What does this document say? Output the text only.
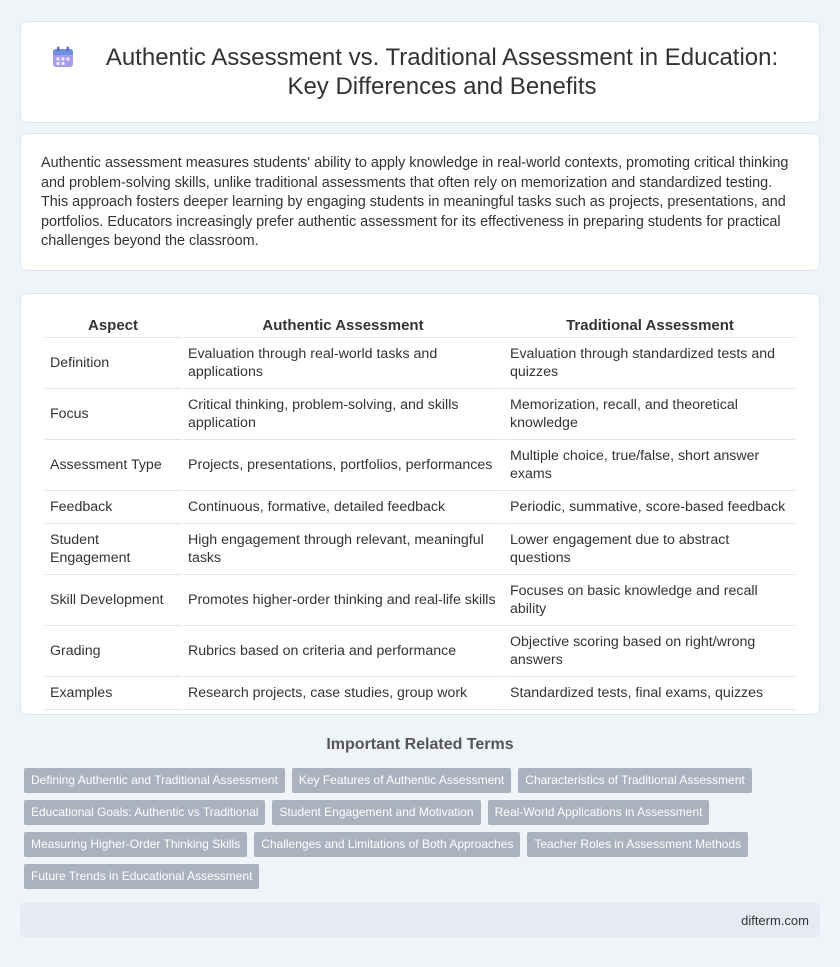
Authentic Assessment vs. Traditional Assessment in Education: Key Differences and Benefits

Authentic assessment measures students' ability to apply knowledge in real-world contexts, promoting critical thinking and problem-solving skills, unlike traditional assessments that often rely on memorization and standardized testing. This approach fosters deeper learning by engaging students in meaningful tasks such as projects, presentations, and portfolios. Educators increasingly prefer authentic assessment for its effectiveness in preparing students for practical challenges beyond the classroom.

Aspect	Authentic Assessment	Traditional Assessment
Definition	Evaluation through real-world tasks and applications	Evaluation through standardized tests and quizzes
Focus	Critical thinking, problem-solving, and skills application	Memorization, recall, and theoretical knowledge
Assessment Type	Projects, presentations, portfolios, performances	Multiple choice, true/false, short answer exams
Feedback	Continuous, formative, detailed feedback	Periodic, summative, score-based feedback
Student Engagement	High engagement through relevant, meaningful tasks	Lower engagement due to abstract questions
Skill Development	Promotes higher-order thinking and real-life skills	Focuses on basic knowledge and recall ability
Grading	Rubrics based on criteria and performance	Objective scoring based on right/wrong answers
Examples	Research projects, case studies, group work	Standardized tests, final exams, quizzes
Important Related Terms
Defining Authentic and Traditional Assessment	Key Features of Authentic Assessment	Characteristics of Traditional Assessment
Educational Goals: Authentic vs Traditional	Student Engagement and Motivation	Real-World Applications in Assessment
Measuring Higher-Order Thinking Skills	Challenges and Limitations of Both Approaches	Teacher Roles in Assessment Methods
Future Trends in Educational Assessment
difterm.com
